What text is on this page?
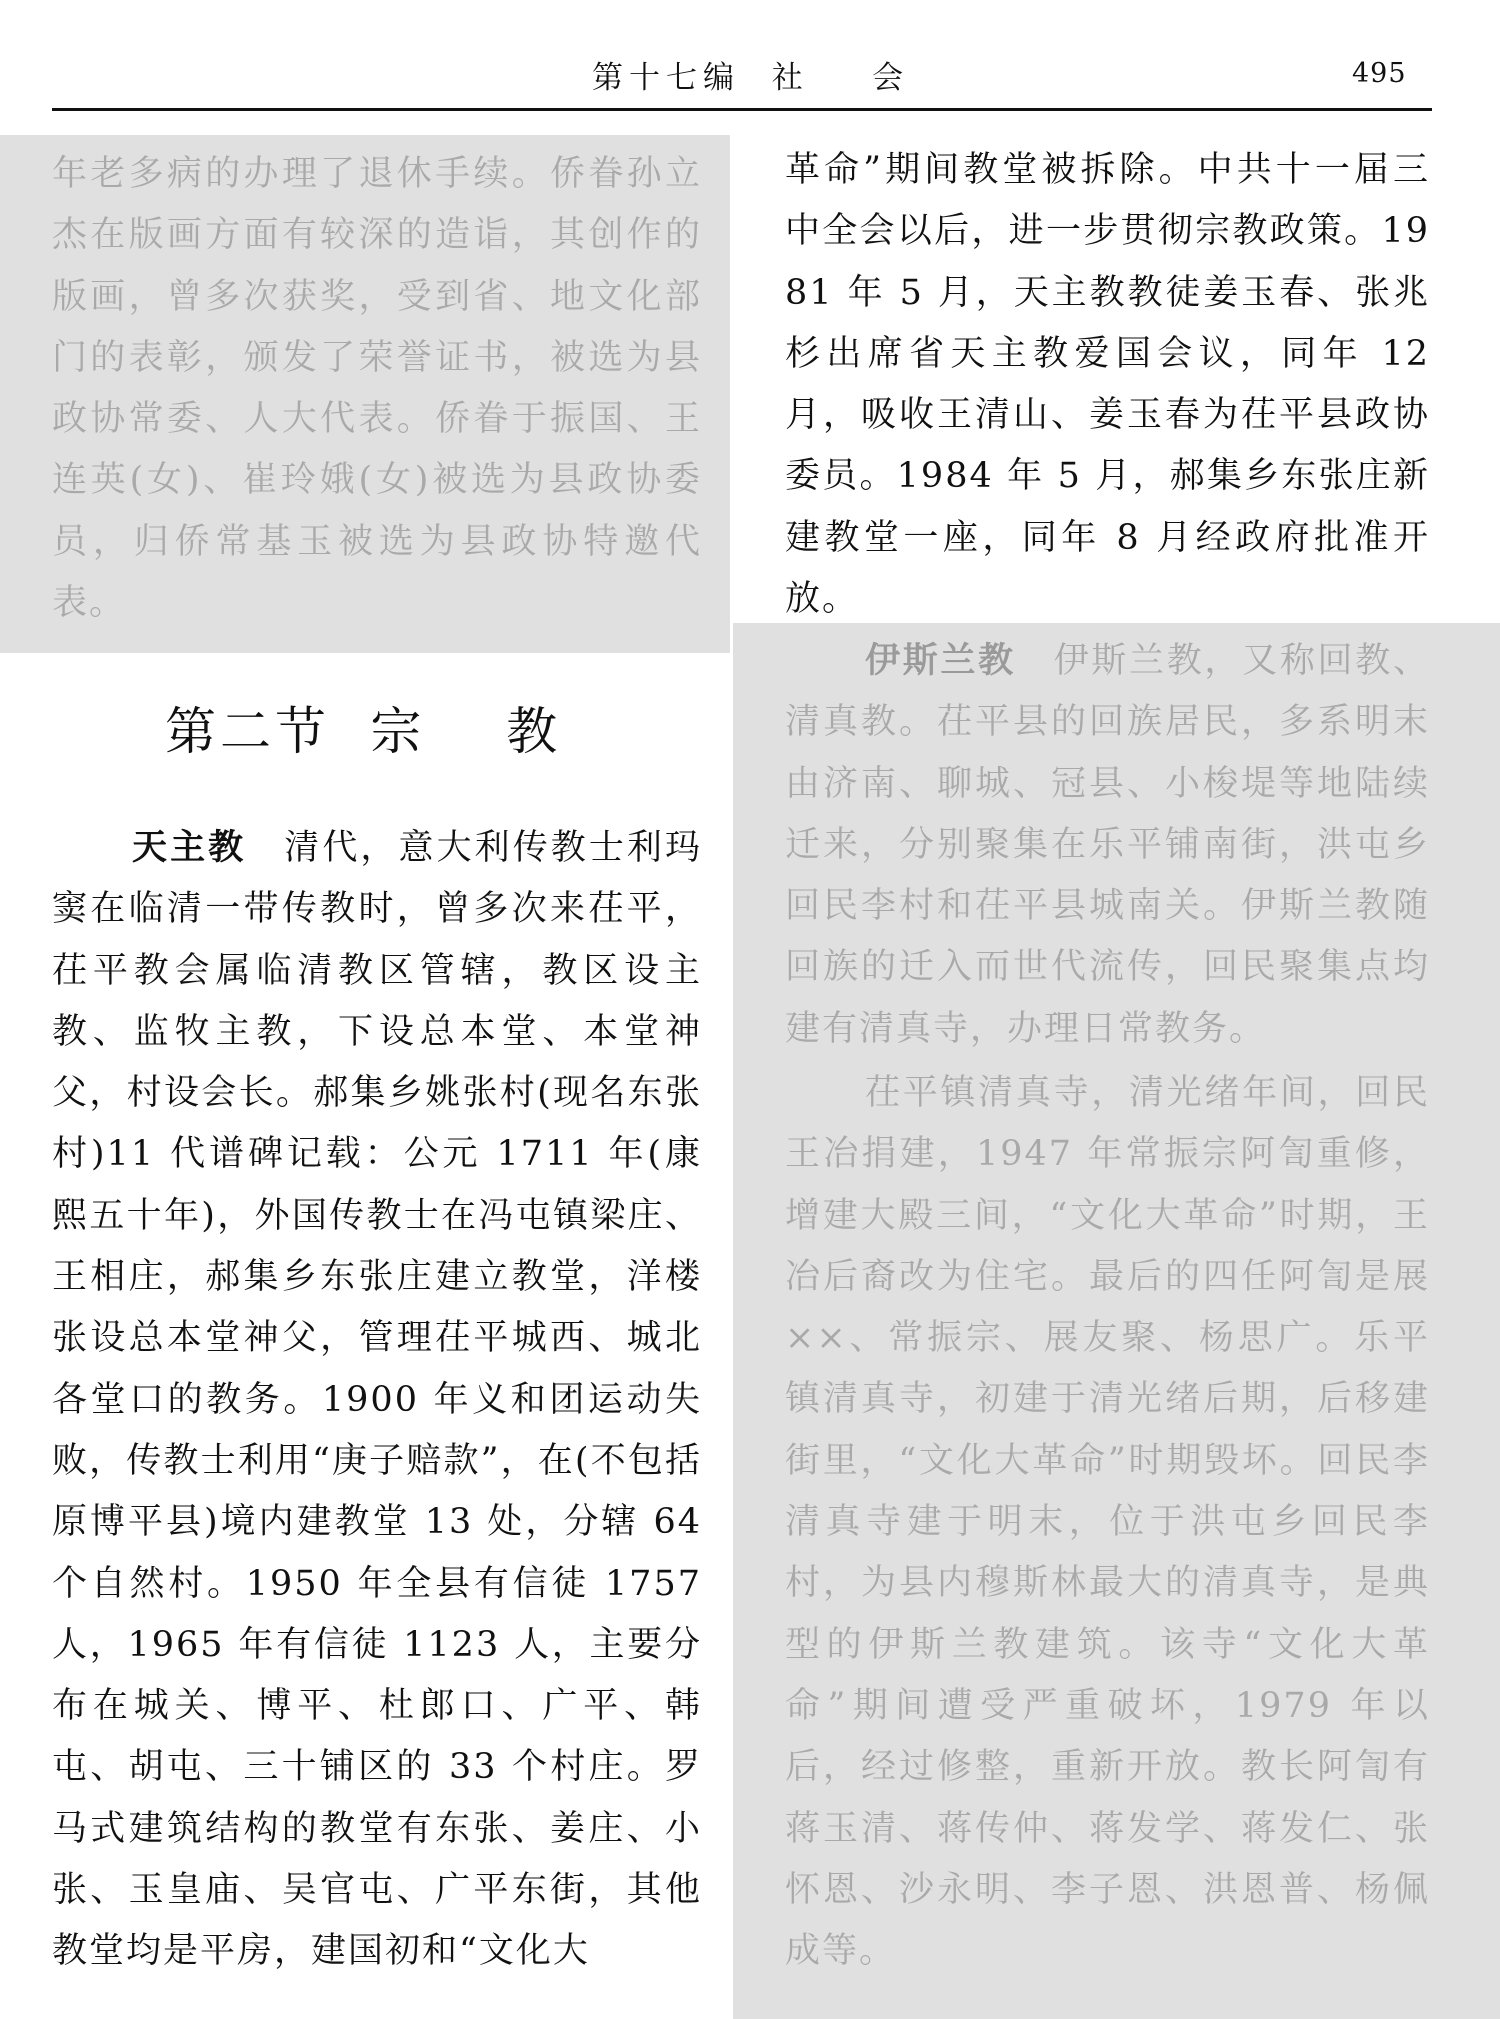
第十七编  社    会	495

年老多病的办理了退休手续。侨眷孙立杰在版画方面有较深的造诣，其创作的版画，曾多次获奖，受到省、地文化部门的表彰，颁发了荣誉证书，被选为县政协常委、人大代表。侨眷于振国、王连英(女)、崔玲娥(女)被选为县政协委员，归侨常基玉被选为县政协特邀代表。

第二节  宗    教

天主教　 清代，意大利传教士利玛窦在临清一带传教时，曾多次来茌平，茌平教会属临清教区管辖，教区设主教、监牧主教，下设总本堂、本堂神父，村设会长。郝集乡姚张村(现名东张村)11 代谱碑记载：公元 1711 年(康熙五十年)，外国传教士在冯屯镇梁庄、王相庄，郝集乡东张庄建立教堂，洋楼张设总本堂神父，管理茌平城西、城北各堂口的教务。1900 年义和团运动失败，传教士利用“庚子赔款”，在(不包括原博平县)境内建教堂 13 处，分辖 64 个自然村。1950 年全县有信徒 1757 人，1965 年有信徒 1123 人，主要分布在城关、博平、杜郎口、广平、韩屯、胡屯、三十铺区的 33 个村庄。罗马式建筑结构的教堂有东张、姜庄、小张、玉皇庙、吴官屯、广平东街，其他教堂均是平房，建国初和“文化大

革命”期间教堂被拆除。中共十一届三中全会以后，进一步贯彻宗教政策。1981 年 5 月，天主教教徒姜玉春、张兆杉出席省天主教爱国会议，同年 12 月，吸收王清山、姜玉春为茌平县政协委员。1984 年 5 月，郝集乡东张庄新建教堂一座，同年 8 月经政府批准开放。

伊斯兰教　 伊斯兰教，又称回教、清真教。茌平县的回族居民，多系明末由济南、聊城、冠县、小梭堤等地陆续迁来，分别聚集在乐平铺南街，洪屯乡回民李村和茌平县城南关。伊斯兰教随回族的迁入而世代流传，回民聚集点均建有清真寺，办理日常教务。

茌平镇清真寺，清光绪年间，回民王冶捐建，1947 年常振宗阿訇重修，增建大殿三间，“文化大革命”时期，王冶后裔改为住宅。最后的四任阿訇是展××、常振宗、展友聚、杨思广。乐平镇清真寺，初建于清光绪后期，后移建街里，“文化大革命”时期毁坏。回民李清真寺建于明末，位于洪屯乡回民李村，为县内穆斯林最大的清真寺，是典型的伊斯兰教建筑。该寺“文化大革命”期间遭受严重破坏，1979 年以后，经过修整，重新开放。教长阿訇有蒋玉清、蒋传仲、蒋发学、蒋发仁、张怀恩、沙永明、李子恩、洪恩普、杨佩成等。
